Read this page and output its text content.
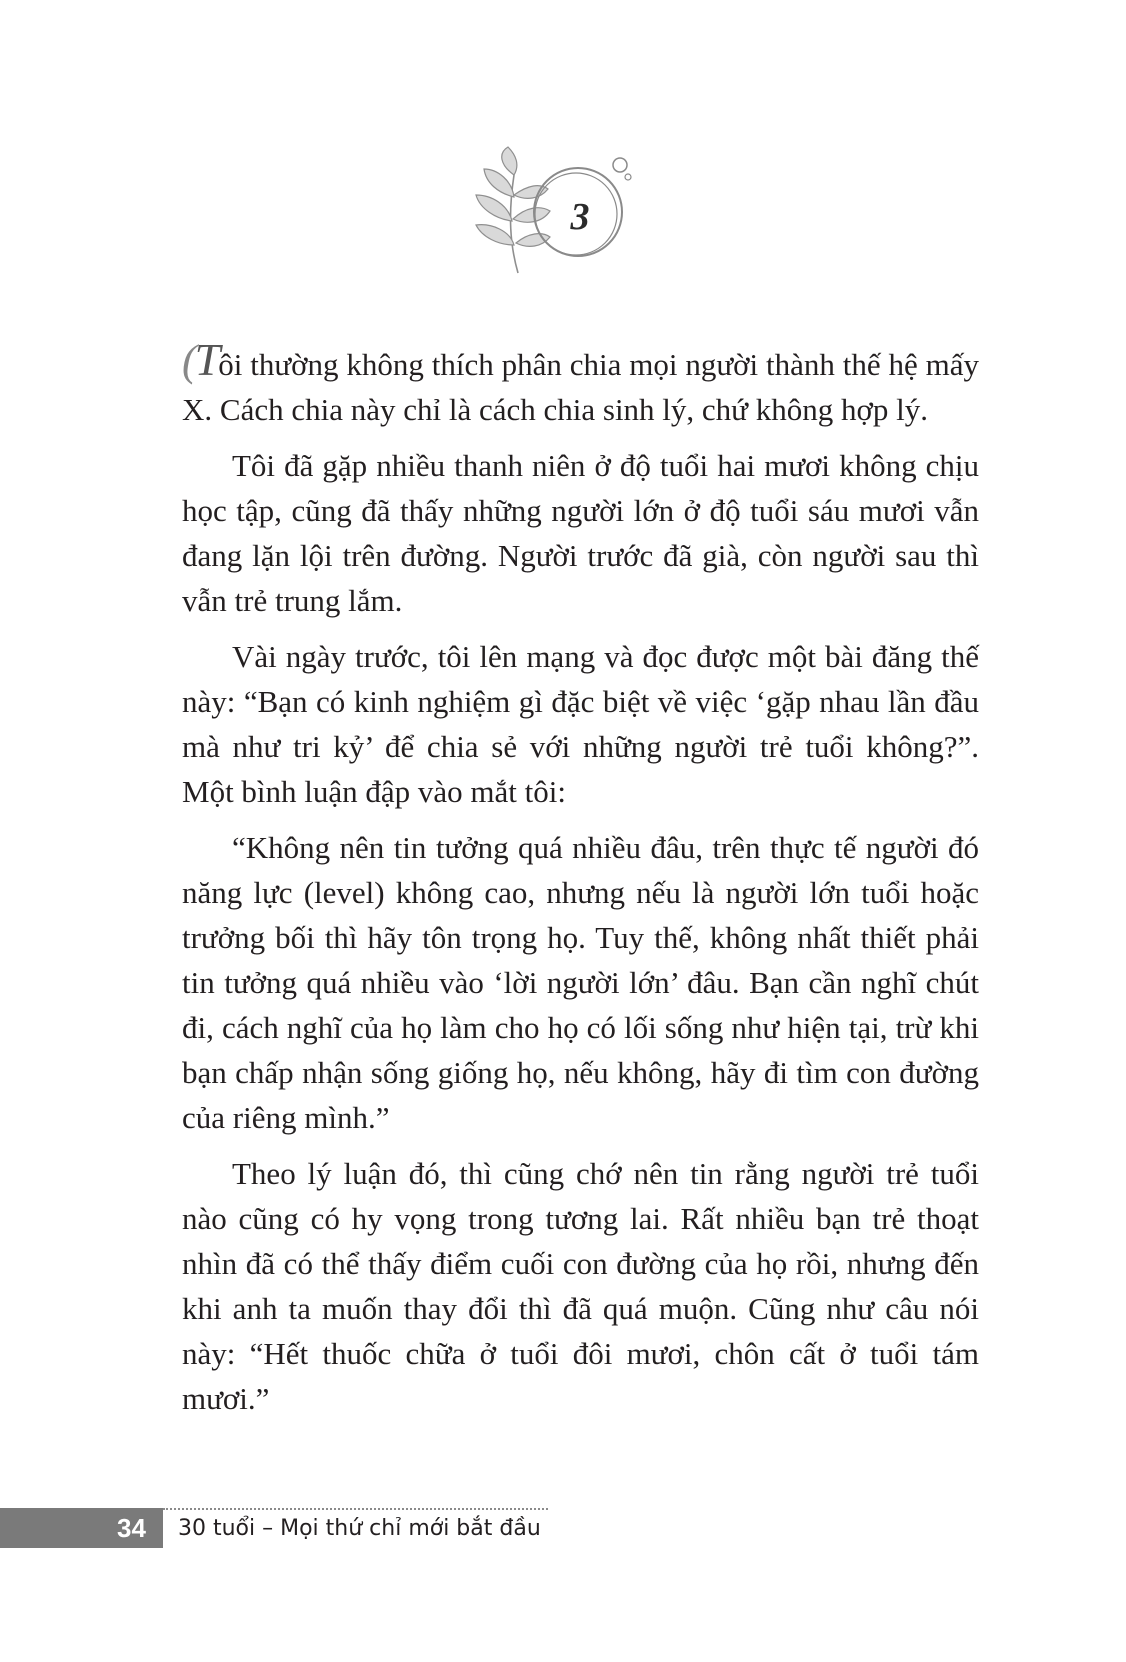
3

(Tôi thường không thích phân chia mọi người thành thế hệ mấy X. Cách chia này chỉ là cách chia sinh lý, chứ không hợp lý.

Tôi đã gặp nhiều thanh niên ở độ tuổi hai mươi không chịu học tập, cũng đã thấy những người lớn ở độ tuổi sáu mươi vẫn đang lặn lội trên đường. Người trước đã già, còn người sau thì vẫn trẻ trung lắm.

Vài ngày trước, tôi lên mạng và đọc được một bài đăng thế này: “Bạn có kinh nghiệm gì đặc biệt về việc ‘gặp nhau lần đầu mà như tri kỷ’ để chia sẻ với những người trẻ tuổi không?”. Một bình luận đập vào mắt tôi:

“Không nên tin tưởng quá nhiều đâu, trên thực tế người đó năng lực (level) không cao, nhưng nếu là người lớn tuổi hoặc trưởng bối thì hãy tôn trọng họ. Tuy thế, không nhất thiết phải tin tưởng quá nhiều vào ‘lời người lớn’ đâu. Bạn cần nghĩ chút đi, cách nghĩ của họ làm cho họ có lối sống như hiện tại, trừ khi bạn chấp nhận sống giống họ, nếu không, hãy đi tìm con đường của riêng mình.”

Theo lý luận đó, thì cũng chớ nên tin rằng người trẻ tuổi nào cũng có hy vọng trong tương lai. Rất nhiều bạn trẻ thoạt nhìn đã có thể thấy điểm cuối con đường của họ rồi, nhưng đến khi anh ta muốn thay đổi thì đã quá muộn. Cũng như câu nói này: “Hết thuốc chữa ở tuổi đôi mươi, chôn cất ở tuổi tám mươi.”

34	30 tuổi – Mọi thứ chỉ mới bắt đầu
